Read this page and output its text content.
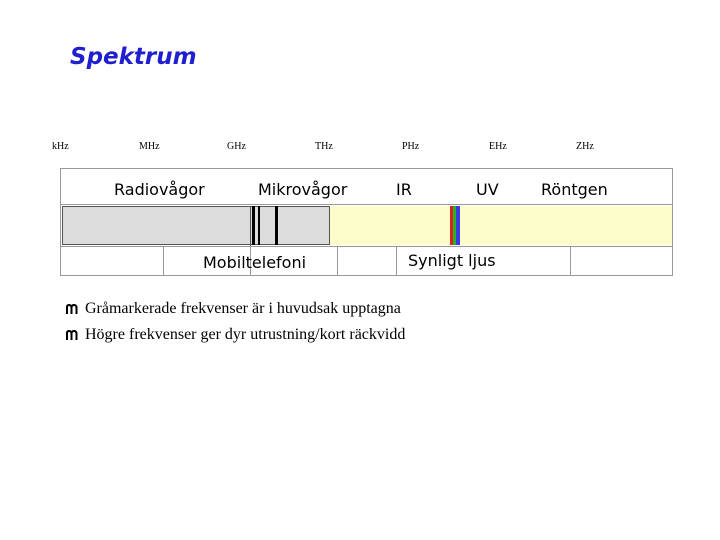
Spektrum
kHz	MHz	GHz	THz	PHz	EHz	ZHz
Radiovågor	Mikrovågor	IR	UV	Röntgen
Mobiltelefoni	Synligt ljus
Gråmarkerade frekvenser är i huvudsak upptagna
Högre frekvenser ger dyr utrustning/kort räckvidd
